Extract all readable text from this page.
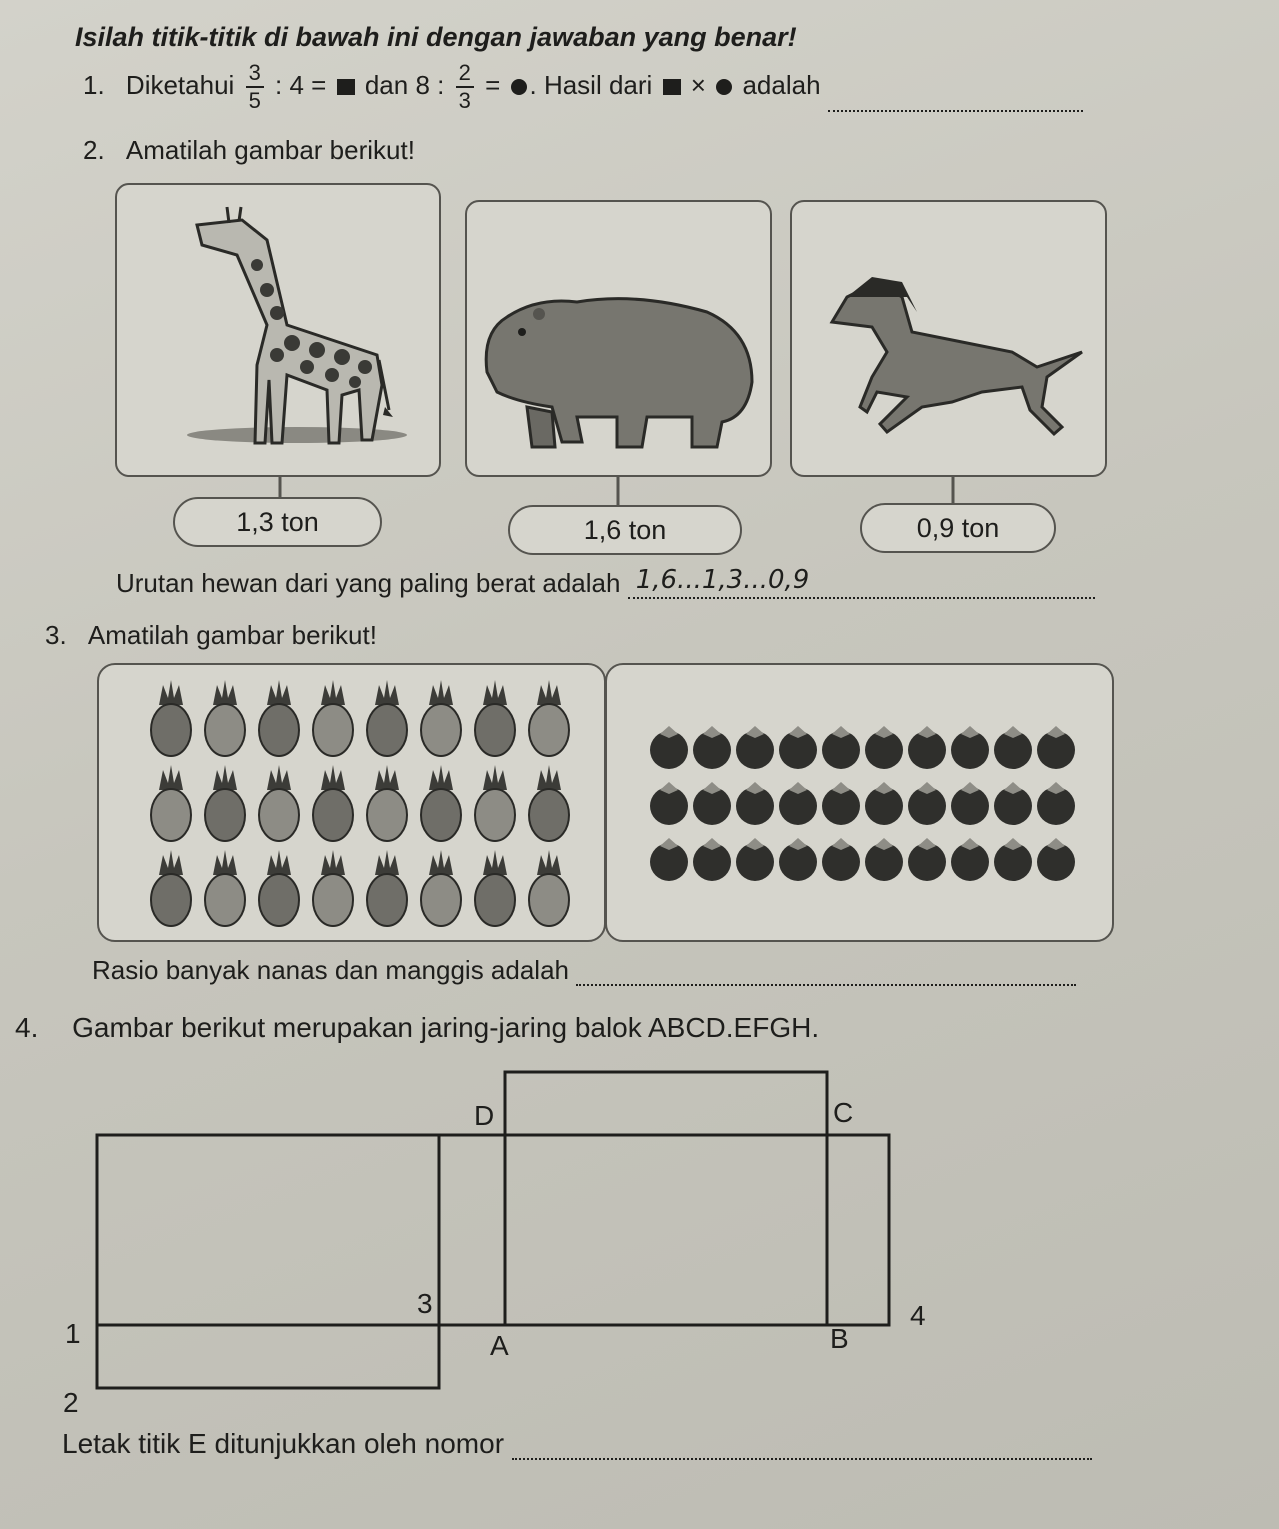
Isilah titik-titik di bawah ini dengan jawaban yang benar!
1. Diketahui $\frac{3}{5}$ : 4 = dan 8 : $\frac{2}{3}$ = . Hasil dari × adalah
2. Amatilah gambar berikut!
1,3 ton	1,6 ton	0,9 ton
Urutan hewan dari yang paling berat adalah 1,6...1,3...0,9
3. Amatilah gambar berikut!
Rasio banyak nanas dan manggis adalah
4. Gambar berikut merupakan jaring-jaring balok ABCD.EFGH.
D	C
3
1	A	B
4
2
Letak titik E ditunjukkan oleh nomor
